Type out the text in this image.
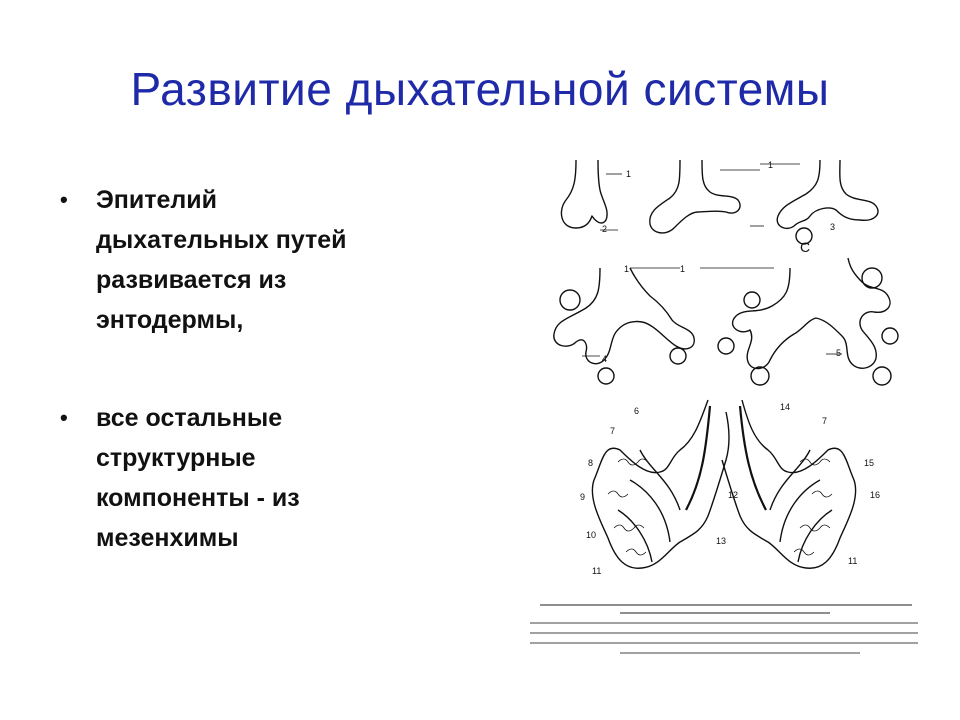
Развитие дыхательной системы
• Эпителий
дыхательных путей
развивается из
энтодермы,
• все остальные
структурные
компоненты - из
мезенхимы
1
1
1
1
2	3
4
5
C
6
7
7
8
9
10
11
11
12
13
14
15
16
